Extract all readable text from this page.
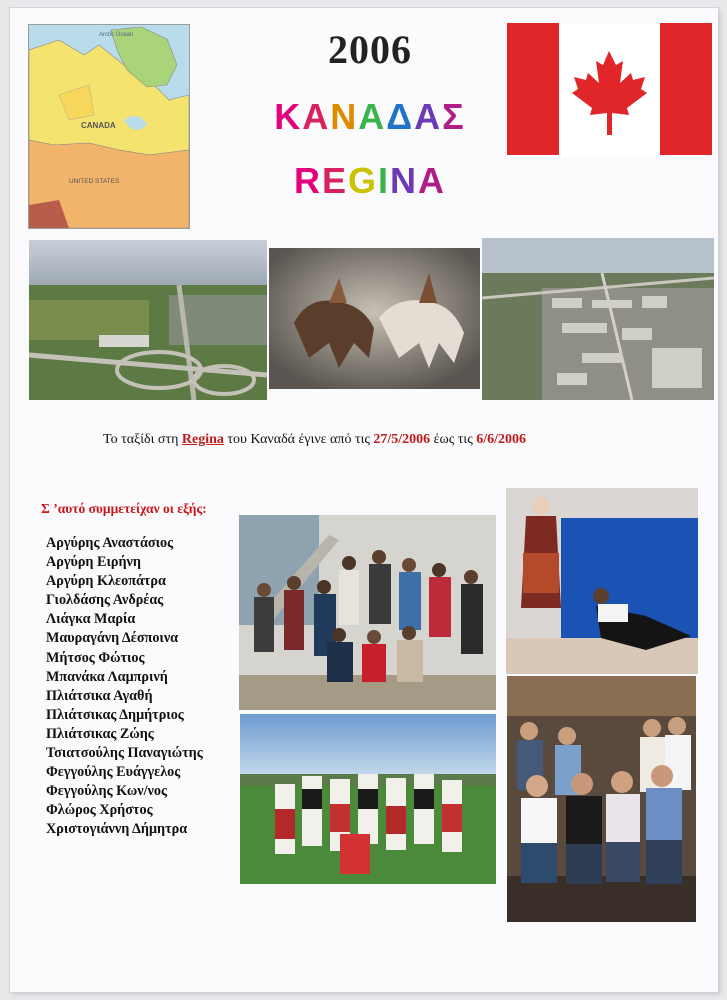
Arctic Ocean
CANADA
UNITED STATES
2006
ΚΑΝΑΔΑΣ
REGINA
Το ταξίδι στη Regina του Καναδά έγινε από τις 27/5/2006 έως τις 6/6/2006
Σ ’αυτό συμμετείχαν οι εξής:
Αργύρης Αναστάσιος
Αργύρη Ειρήνη
Αργύρη Κλεοπάτρα
Γιολδάσης Ανδρέας
Λιάγκα Μαρία
Μαυραγάνη Δέσποινα
Μήτσος Φώτιος
Μπανάκα Λαμπρινή
Πλιάτσικα Αγαθή
Πλιάτσικας Δημήτριος
Πλιάτσικας Ζώης
Τσιατσούλης Παναγιώτης
Φεγγούλης Ευάγγελος
Φεγγούλης Κων/νος
Φλώρος Χρήστος
Χριστογιάννη Δήμητρα
